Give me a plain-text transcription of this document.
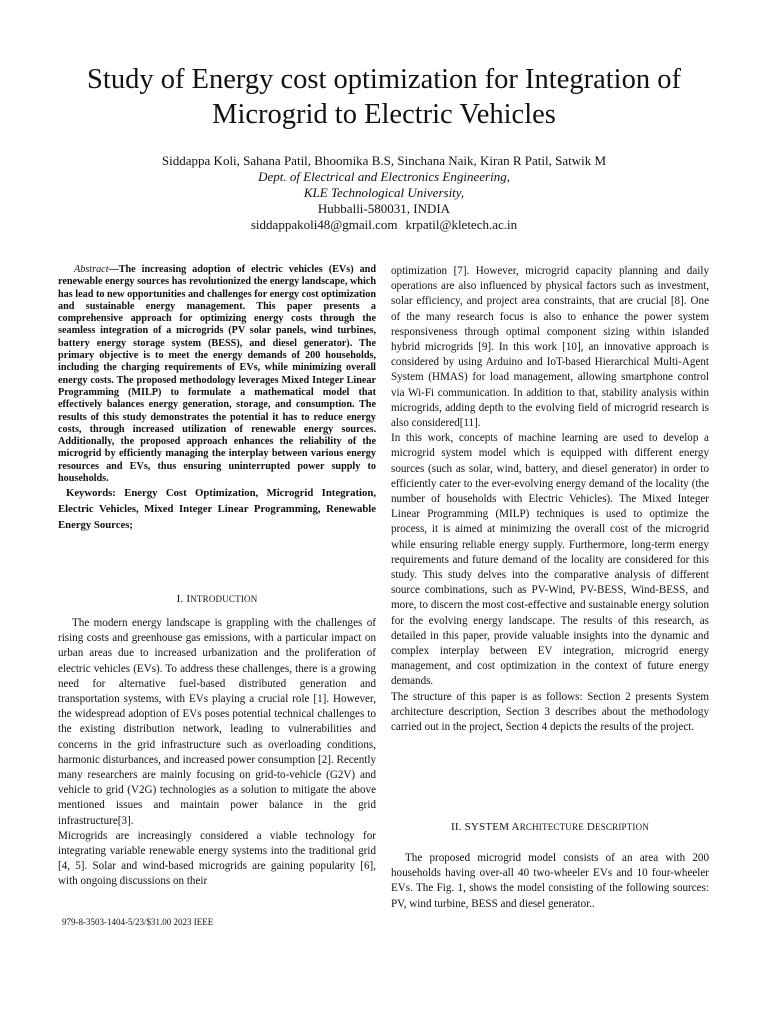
Study of Energy cost optimization for Integration of Microgrid to Electric Vehicles
Siddappa Koli, Sahana Patil, Bhoomika B.S, Sinchana Naik, Kiran R Patil, Satwik M
Dept. of Electrical and Electronics Engineering,
KLE Technological University,
Hubballi-580031, INDIA
siddappakoli48@gmail.com krpatil@kletech.ac.in

Abstract—The increasing adoption of electric vehicles (EVs) and renewable energy sources has revolutionized the energy landscape, which has lead to new opportunities and challenges for energy cost optimization and sustainable energy management. This paper presents a comprehensive approach for optimizing energy costs through the seamless integration of a microgrids (PV solar panels, wind turbines, battery energy storage system (BESS), and diesel generator). The primary objective is to meet the energy demands of 200 households, including the charging requirements of EVs, while minimizing overall energy costs. The proposed methodology leverages Mixed Integer Linear Programming (MILP) to formulate a mathematical model that effectively balances energy generation, storage, and consumption. The results of this study demonstrates the potential it has to reduce energy costs, through increased utilization of renewable energy sources. Additionally, the proposed approach enhances the reliability of the microgrid by efficiently managing the interplay between various energy resources and EVs, thus ensuring uninterrupted power supply to households.

Keywords: Energy Cost Optimization, Microgrid Integration, Electric Vehicles, Mixed Integer Linear Programming, Renewable Energy Sources;

I. INTRODUCTION

The modern energy landscape is grappling with the challenges of rising costs and greenhouse gas emissions, with a particular impact on urban areas due to increased urbanization and the proliferation of electric vehicles (EVs). To address these challenges, there is a growing need for alternative fuel-based distributed generation and transportation systems, with EVs playing a crucial role [1]. However, the widespread adoption of EVs poses potential technical challenges to the existing distribution network, leading to vulnerabilities and concerns in the grid infrastructure such as overloading conditions, harmonic disturbances, and increased power consumption [2]. Recently many researchers are mainly focusing on grid-to-vehicle (G2V) and vehicle to grid (V2G) technologies as a solution to mitigate the above mentioned issues and maintain power balance in the grid infrastructure[3].

Microgrids are increasingly considered a viable technology for integrating variable renewable energy systems into the traditional grid [4, 5]. Solar and wind-based microgrids are gaining popularity [6], with ongoing discussions on their

optimization [7]. However, microgrid capacity planning and daily operations are also influenced by physical factors such as investment, solar efficiency, and project area constraints, that are crucial [8]. One of the many research focus is also to enhance the power system responsiveness through optimal component sizing within islanded hybrid microgrids [9]. In this work [10], an innovative approach is considered by using Arduino and IoT-based Hierarchical Multi-Agent System (HMAS) for load management, allowing smartphone control via Wi-Fi communication. In addition to that, stability analysis within microgrids, adding depth to the evolving field of microgrid research is also considered[11].

In this work, concepts of machine learning are used to develop a microgrid system model which is equipped with different energy sources (such as solar, wind, battery, and diesel generator) in order to efficiently cater to the ever-evolving energy demand of the locality (the number of households with Electric Vehicles). The Mixed Integer Linear Programming (MILP) techniques is used to optimize the process, it is aimed at minimizing the overall cost of the microgrid while ensuring reliable energy supply. Furthermore, long-term energy requirements and future demand of the locality are considered for this study. This study delves into the comparative analysis of different source combinations, such as PV-Wind, PV-BESS, Wind-BESS, and more, to discern the most cost-effective and sustainable energy solution for the evolving energy landscape. The results of this research, as detailed in this paper, provide valuable insights into the dynamic and complex interplay between EV integration, microgrid energy management, and cost optimization in the context of future energy demands.

The structure of this paper is as follows: Section 2 presents System architecture description, Section 3 describes about the methodology carried out in the project, Section 4 depicts the results of the project.

II. SYSTEM ARCHITECTURE DESCRIPTION

The proposed microgrid model consists of an area with 200 households having over-all 40 two-wheeler EVs and 10 four-wheeler EVs. The Fig. 1, shows the model consisting of the following sources: PV, wind turbine, BESS and diesel generator..

979-8-3503-1404-5/23/$31.00 2023 IEEE
